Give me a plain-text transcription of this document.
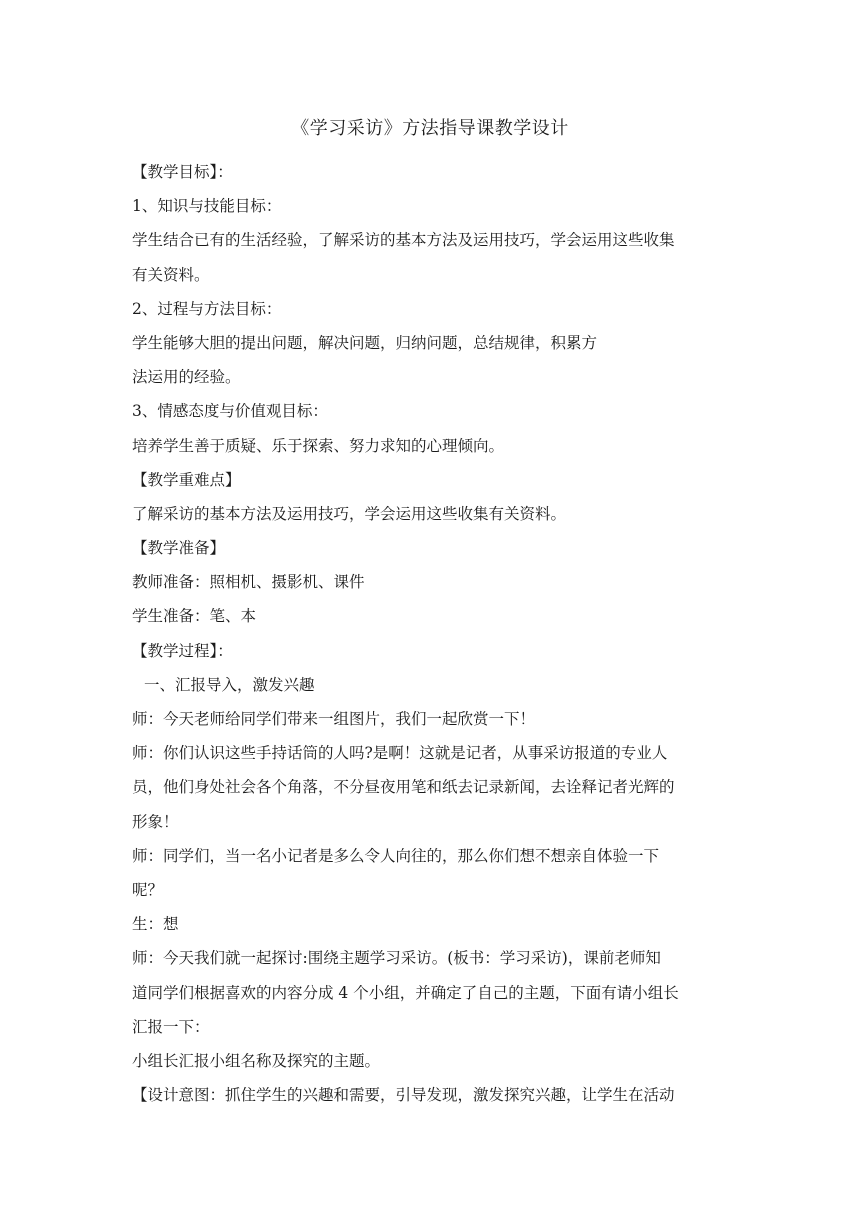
《学习采访》方法指导课教学设计
【教学目标】：
1、知识与技能目标：
学生结合已有的生活经验，了解采访的基本方法及运用技巧，学会运用这些收集
有关资料。
2、过程与方法目标：
学生能够大胆的提出问题，解决问题，归纳问题，总结规律，积累方
法运用的经验。
3、情感态度与价值观目标：
培养学生善于质疑、乐于探索、努力求知的心理倾向。
【教学重难点】
了解采访的基本方法及运用技巧，学会运用这些收集有关资料。
【教学准备】
教师准备：照相机、摄影机、课件
学生准备：笔、本
【教学过程】：
一、汇报导入，激发兴趣
师：今天老师给同学们带来一组图片，我们一起欣赏一下！
师：你们认识这些手持话筒的人吗?是啊！这就是记者，从事采访报道的专业人
员，他们身处社会各个角落，不分昼夜用笔和纸去记录新闻，去诠释记者光辉的
形象！
师：同学们，当一名小记者是多么令人向往的，那么你们想不想亲自体验一下
呢？
生：想
师：今天我们就一起探讨:围绕主题学习采访。(板书：学习采访)，课前老师知
道同学们根据喜欢的内容分成 4 个小组，并确定了自己的主题，下面有请小组长
汇报一下：
小组长汇报小组名称及探究的主题。
【设计意图：抓住学生的兴趣和需要，引导发现，激发探究兴趣，让学生在活动
